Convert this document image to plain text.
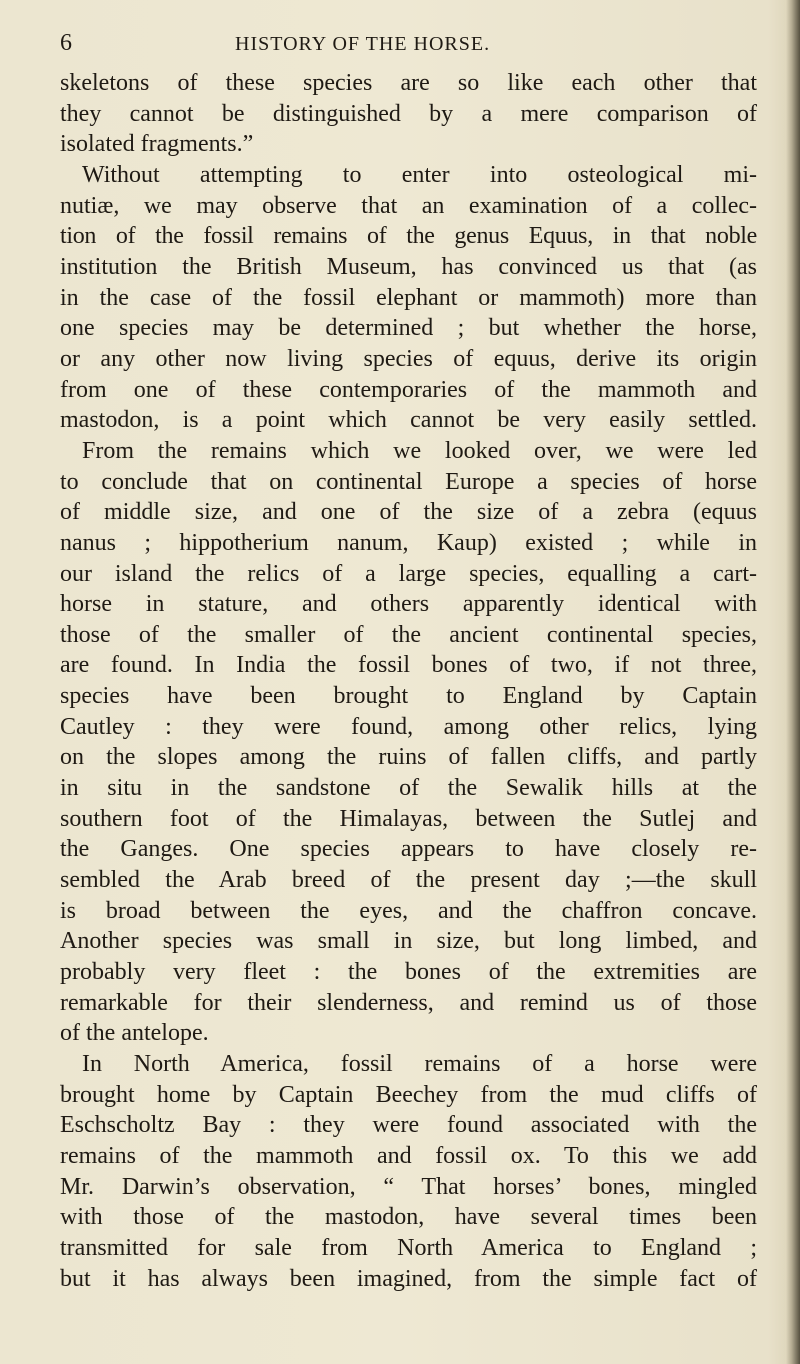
6	HISTORY OF THE HORSE.
skeletons of these species are so like each other that
they cannot be distinguished by a mere comparison of
isolated fragments.”
Without attempting to enter into osteological mi-
nutiæ, we may observe that an examination of a collec-
tion of the fossil remains of the genus Equus, in that noble
institution the British Museum, has convinced us that (as
in the case of the fossil elephant or mammoth) more than
one species may be determined ; but whether the horse,
or any other now living species of equus, derive its origin
from one of these contemporaries of the mammoth and
mastodon, is a point which cannot be very easily settled.
From the remains which we looked over, we were led
to conclude that on continental Europe a species of horse
of middle size, and one of the size of a zebra (equus
nanus ; hippotherium nanum, Kaup) existed ; while in
our island the relics of a large species, equalling a cart-
horse in stature, and others apparently identical with
those of the smaller of the ancient continental species,
are found. In India the fossil bones of two, if not three,
species have been brought to England by Captain
Cautley : they were found, among other relics, lying
on the slopes among the ruins of fallen cliffs, and partly
in situ in the sandstone of the Sewalik hills at the
southern foot of the Himalayas, between the Sutlej and
the Ganges. One species appears to have closely re-
sembled the Arab breed of the present day ;—the skull
is broad between the eyes, and the chaffron concave.
Another species was small in size, but long limbed, and
probably very fleet : the bones of the extremities are
remarkable for their slenderness, and remind us of those
of the antelope.
In North America, fossil remains of a horse were
brought home by Captain Beechey from the mud cliffs of
Eschscholtz Bay : they were found associated with the
remains of the mammoth and fossil ox. To this we add
Mr. Darwin’s observation, “ That horses’ bones, mingled
with those of the mastodon, have several times been
transmitted for sale from North America to England ;
but it has always been imagined, from the simple fact of
